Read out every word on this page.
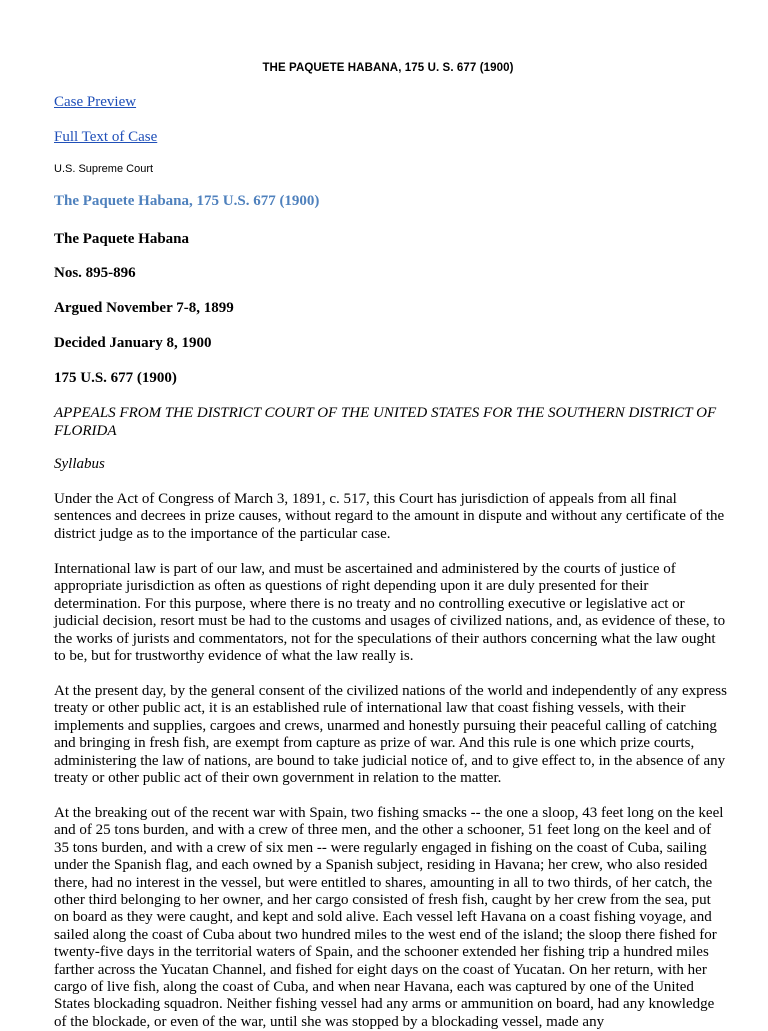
THE PAQUETE HABANA, 175 U. S. 677 (1900)
Case Preview
Full Text of Case
U.S. Supreme Court
The Paquete Habana, 175 U.S. 677 (1900)
The Paquete Habana
Nos. 895-896
Argued November 7-8, 1899
Decided January 8, 1900
175 U.S. 677 (1900)
APPEALS FROM THE DISTRICT COURT OF THE UNITED STATES FOR THE SOUTHERN DISTRICT OF FLORIDA
Syllabus

Under the Act of Congress of March 3, 1891, c. 517, this Court has jurisdiction of appeals from all final sentences and decrees in prize causes, without regard to the amount in dispute and without any certificate of the district judge as to the importance of the particular case.

International law is part of our law, and must be ascertained and administered by the courts of justice of appropriate jurisdiction as often as questions of right depending upon it are duly presented for their determination. For this purpose, where there is no treaty and no controlling executive or legislative act or judicial decision, resort must be had to the customs and usages of civilized nations, and, as evidence of these, to the works of jurists and commentators, not for the speculations of their authors concerning what the law ought to be, but for trustworthy evidence of what the law really is.

At the present day, by the general consent of the civilized nations of the world and independently of any express treaty or other public act, it is an established rule of international law that coast fishing vessels, with their implements and supplies, cargoes and crews, unarmed and honestly pursuing their peaceful calling of catching and bringing in fresh fish, are exempt from capture as prize of war. And this rule is one which prize courts, administering the law of nations, are bound to take judicial notice of, and to give effect to, in the absence of any treaty or other public act of their own government in relation to the matter.

At the breaking out of the recent war with Spain, two fishing smacks -- the one a sloop, 43 feet long on the keel and of 25 tons burden, and with a crew of three men, and the other a schooner, 51 feet long on the keel and of 35 tons burden, and with a crew of six men -- were regularly engaged in fishing on the coast of Cuba, sailing under the Spanish flag, and each owned by a Spanish subject, residing in Havana; her crew, who also resided there, had no interest in the vessel, but were entitled to shares, amounting in all to two thirds, of her catch, the other third belonging to her owner, and her cargo consisted of fresh fish, caught by her crew from the sea, put on board as they were caught, and kept and sold alive. Each vessel left Havana on a coast fishing voyage, and sailed along the coast of Cuba about two hundred miles to the west end of the island; the sloop there fished for twenty-five days in the territorial waters of Spain, and the schooner extended her fishing trip a hundred miles farther across the Yucatan Channel, and fished for eight days on the coast of Yucatan. On her return, with her cargo of live fish, along the coast of Cuba, and when near Havana, each was captured by one of the United States blockading squadron. Neither fishing vessel had any arms or ammunition on board, had any knowledge of the blockade, or even of the war, until she was stopped by a blockading vessel, made any
